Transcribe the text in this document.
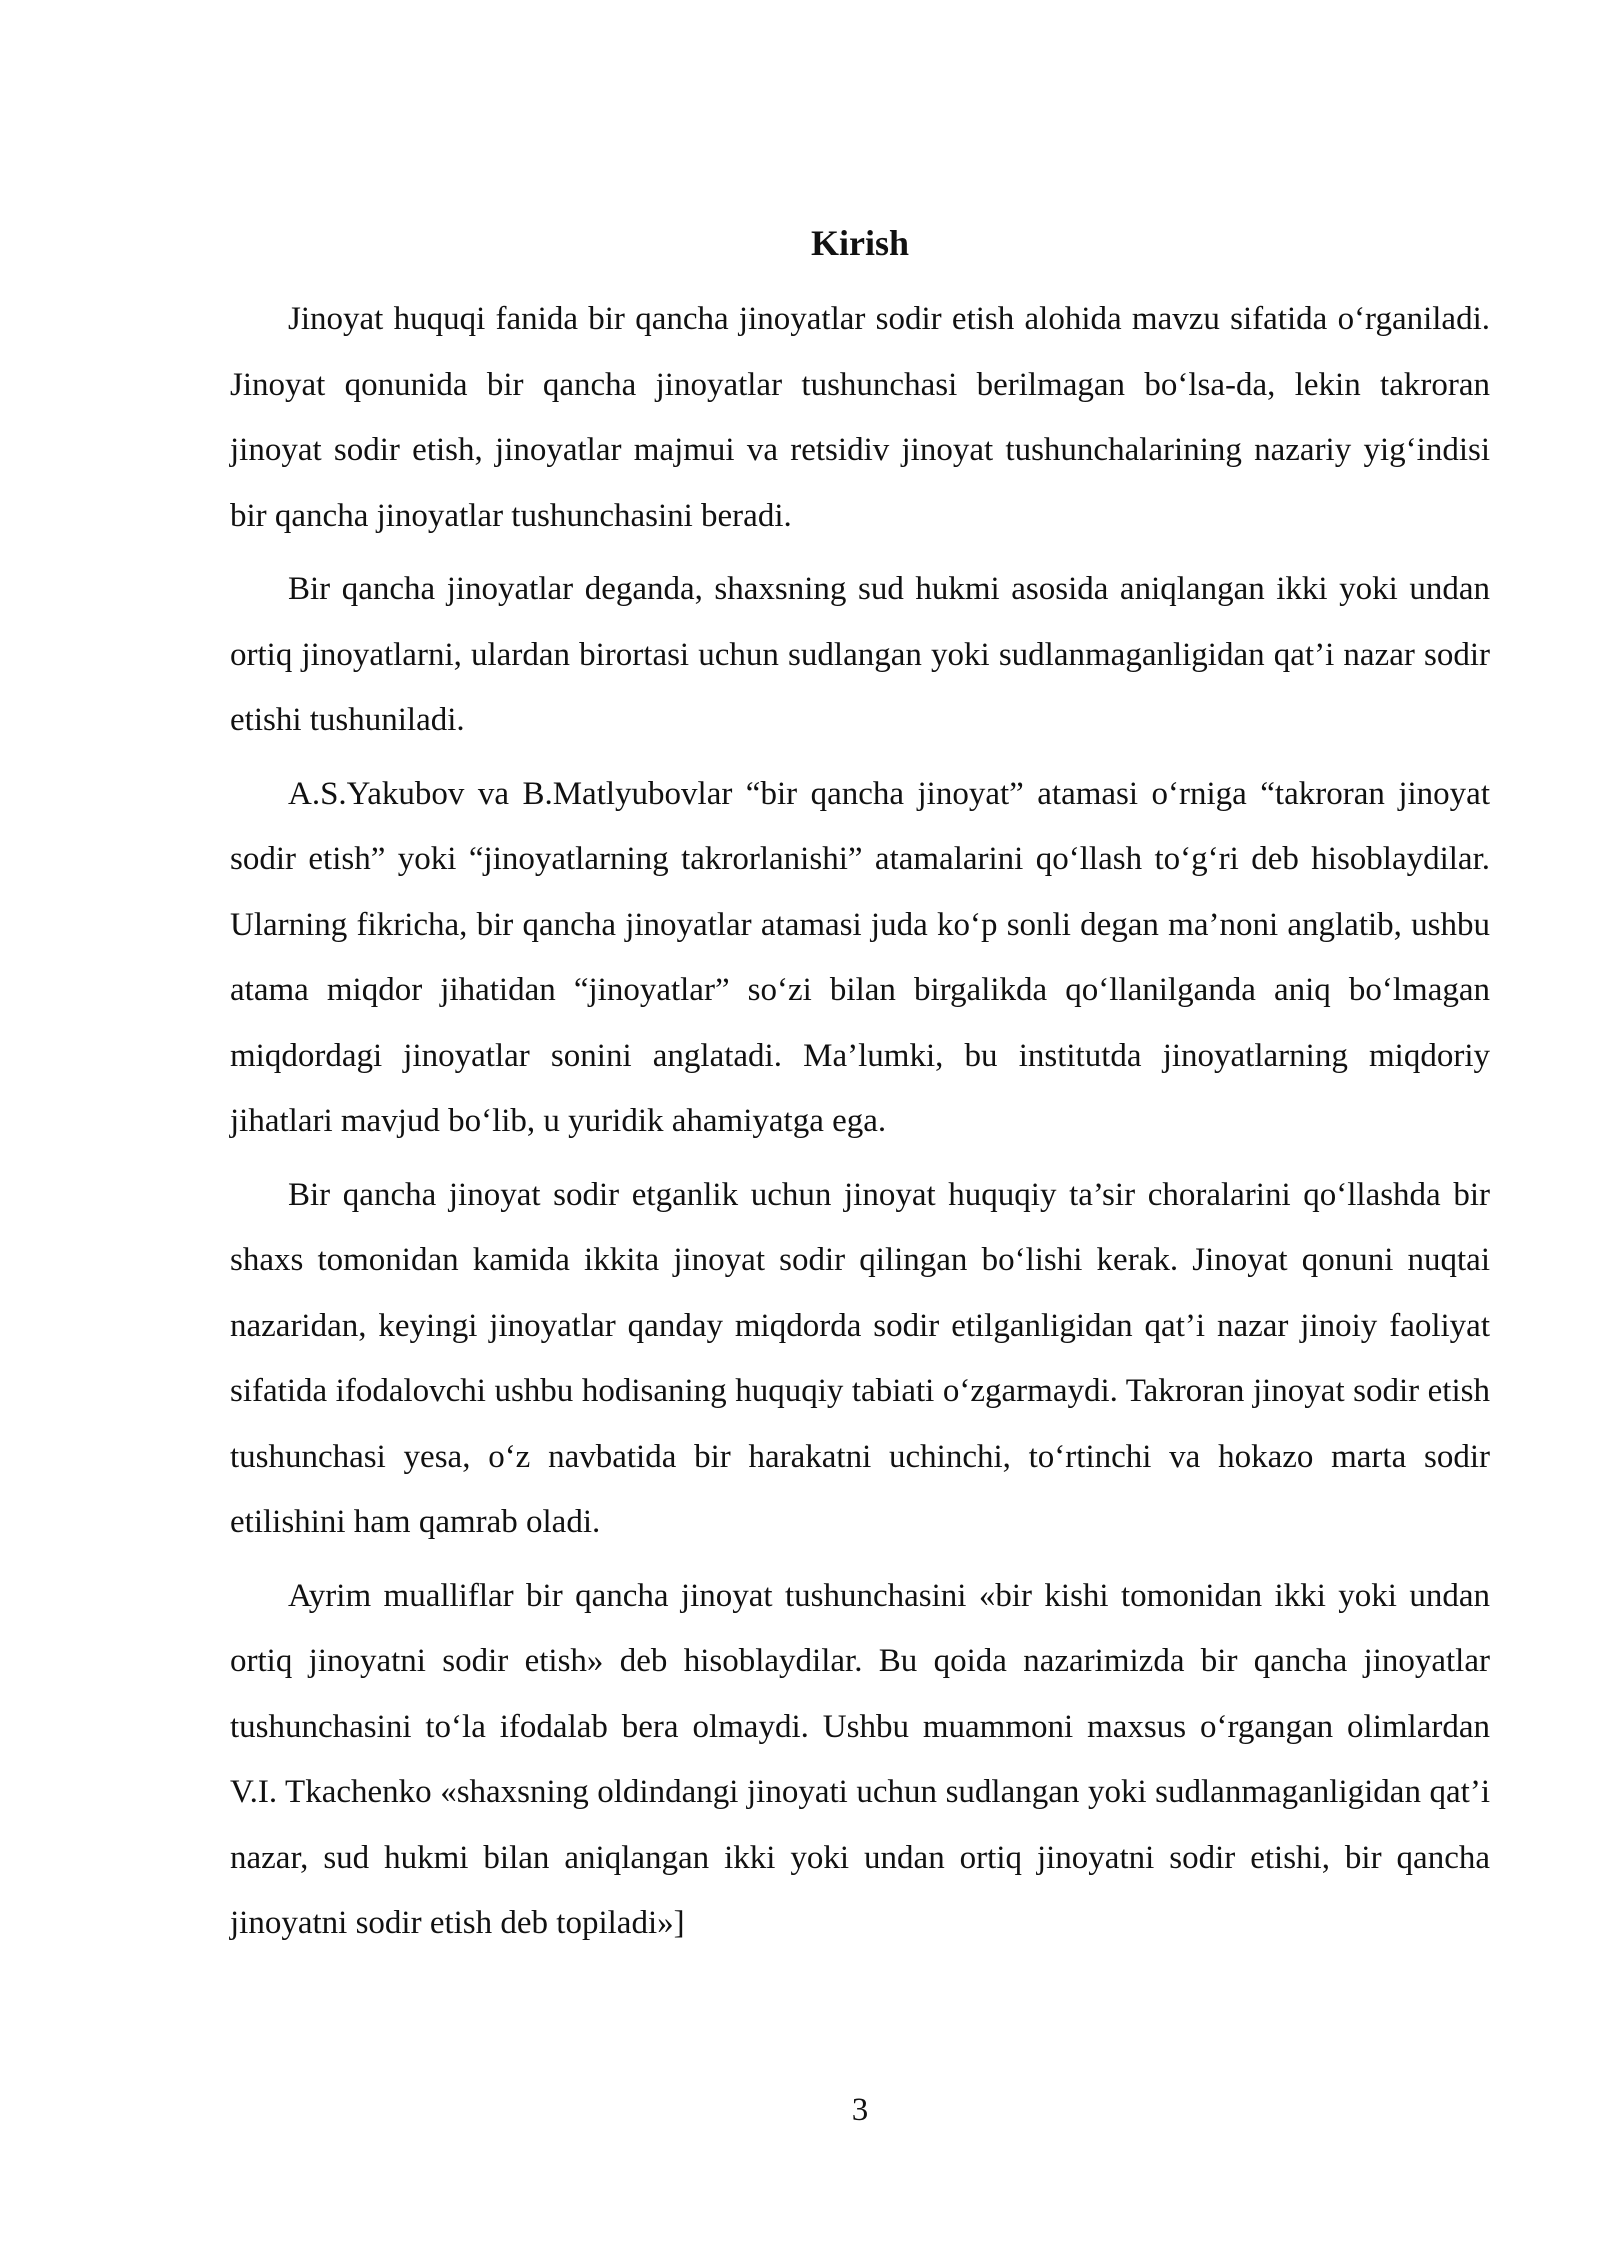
Kirish

Jinoyat huquqi fanida bir qancha jinoyatlar sodir etish alohida mavzu sifatida o‘rganiladi. Jinoyat qonunida bir qancha jinoyatlar tushunchasi berilmagan bo‘lsa-da, lekin takroran jinoyat sodir etish, jinoyatlar majmui va retsidiv jinoyat tushunchalarining nazariy yig‘indisi bir qancha jinoyatlar tushunchasini beradi.

Bir qancha jinoyatlar deganda, shaxsning sud hukmi asosida aniqlangan ikki yoki undan ortiq jinoyatlarni, ulardan birortasi uchun sudlangan yoki sudlanmaganligidan qat’i nazar sodir etishi tushuniladi.

A.S.Yakubov va B.Matlyubovlar “bir qancha jinoyat” atamasi o‘rniga “takroran jinoyat sodir etish” yoki “jinoyatlarning takrorlanishi” atamalarini qo‘llash to‘g‘ri deb hisoblaydilar. Ularning fikricha, bir qancha jinoyatlar atamasi juda ko‘p sonli degan ma’noni anglatib, ushbu atama miqdor jihatidan “jinoyatlar” so‘zi bilan birgalikda qo‘llanilganda aniq bo‘lmagan miqdordagi jinoyatlar sonini anglatadi. Ma’lumki, bu institutda jinoyatlarning miqdoriy jihatlari mavjud bo‘lib, u yuridik ahamiyatga ega.

Bir qancha jinoyat sodir etganlik uchun jinoyat huquqiy ta’sir choralarini qo‘llashda bir shaxs tomonidan kamida ikkita jinoyat sodir qilingan bo‘lishi kerak. Jinoyat qonuni nuqtai nazaridan, keyingi jinoyatlar qanday miqdorda sodir etilganligidan qat’i nazar jinoiy faoliyat sifatida ifodalovchi ushbu hodisaning huquqiy tabiati o‘zgarmaydi. Takroran jinoyat sodir etish tushunchasi yesa, o‘z navbatida bir harakatni uchinchi, to‘rtinchi va hokazo marta sodir etilishini ham qamrab oladi.

Ayrim mualliflar bir qancha jinoyat tushunchasini «bir kishi tomonidan ikki yoki undan ortiq jinoyatni sodir etish» deb hisoblaydilar. Bu qoida nazarimizda bir qancha jinoyatlar tushunchasini to‘la ifodalab bera olmaydi. Ushbu muammoni maxsus o‘rgangan olimlardan V.I. Tkachenko «shaxsning oldindangi jinoyati uchun sudlangan yoki sudlanmaganligidan qat’i nazar, sud hukmi bilan aniqlangan ikki yoki undan ortiq jinoyatni sodir etishi, bir qancha jinoyatni sodir etish deb topiladi»]

3
